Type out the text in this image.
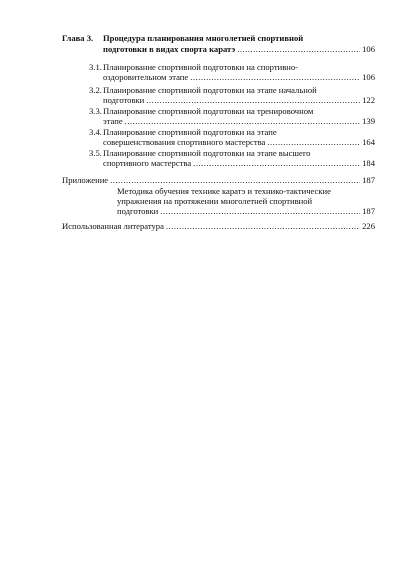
Глава 3. Процедура планирования многолетней спортивной
подготовки в видах спорта каратэ .....	106
3.1. Планирование спортивной подготовки на спортивно-
оздоровительном этапе .....	106
3.2. Планирование спортивной подготовки на этапе начальной
подготовки .....	122
3.3. Планирование спортивной подготовки на тренировочном
этапе .....	139
3.4. Планирование спортивной подготовки на этапе
совершенствования спортивного мастерства .....	164
3.5. Планирование спортивной подготовки на этапе высшего
спортивного мастерства .....	184
Приложение .....	187
Методика обучения технике каратэ и технико-тактические
упражнения на протяжении многолетней спортивной
подготовки .....	187
Использованная литература .....	226
